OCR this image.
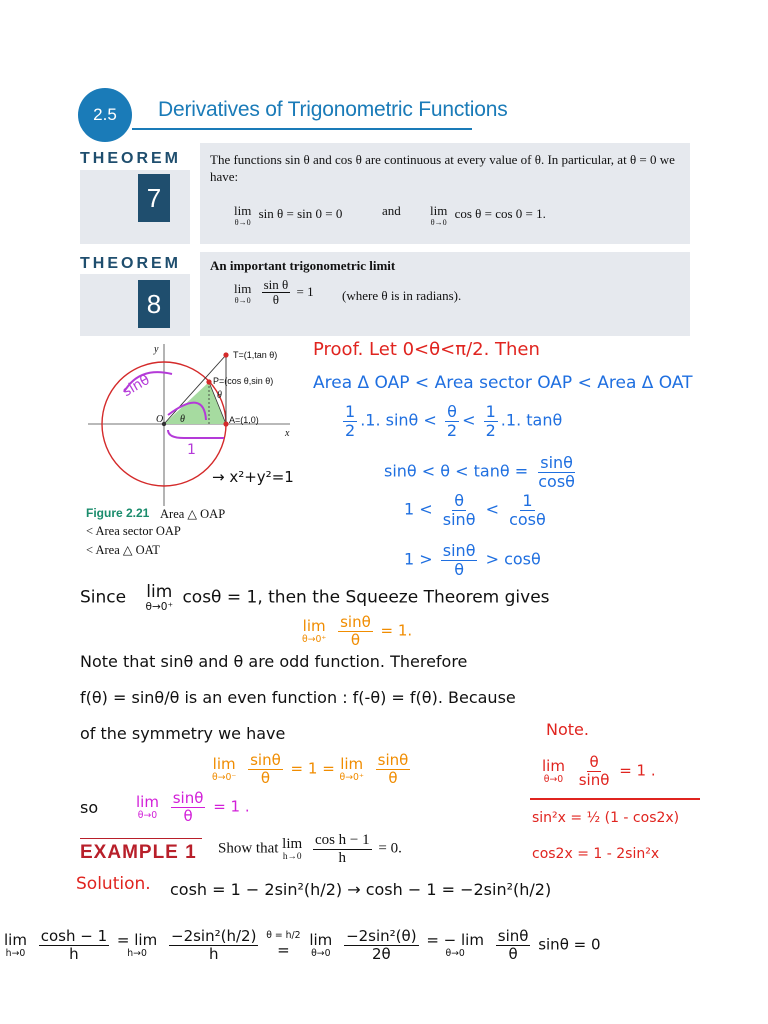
2.5 Derivatives of Trigonometric Functions
THEOREM
7
The functions sin θ and cos θ are continuous at every value of θ. In particular, at θ = 0 we have:
lim
θ→0
sin θ = sin 0 = 0	and lim
θ→0
cos θ = cos 0 = 1.
THEOREM
8
An important trigonometric limit
lim
θ→0
$\frac{\text{sin θ}}{\theta} = 1$ (where θ is in radians).
T=(1,tan θ)
P=(cos θ,sin θ)
A=(1,0)
O
y
x
θ
θ
sinθ
1
→ x²+y²=1
Figure 2.21 Area △ OAP
< Area sector OAP
< Area △ OAT
Proof. Let 0<θ<π/2. Then
Area Δ OAP < Area sector OAP < Area Δ OAT
$\frac{1}{2} .1$. $\sin\theta < \frac{\theta}{2} < \frac{1}{2} .1$. tanθ
$\sin\theta < \theta < \tan\theta = \frac{\sin\theta}{\cos\theta}$
$1 < \frac{\theta}{\sin\theta} < \frac{1}{\cos\theta}$
$1 > \frac{\sin\theta}{\theta} > \cos\theta$
Since lim
θ→0⁺ cosθ = 1, then the Squeeze Theorem gives
lim
θ→0⁺
$\frac{\sin\theta}{\theta} = 1$.
Note that sinθ and θ are odd function. Therefore
f(θ) = sinθ/θ is an even function : f(-θ) = f(θ). Because
of the symmetry we have
lim
θ→0⁻
$\frac{\sin\theta}{\theta} = 1 = \lim$
θ→0⁺
$\frac{\sin\theta}{\theta}$
so	lim
θ→0
$\frac{\sin\theta}{\theta} = 1$ .
Note.
lim
θ→0
$\frac{\theta}{\sin\theta} = 1$ .
sin²x = ½ (1 - cos2x)
cos2x = 1 - 2sin²x
EXAMPLE 1 Show that lim
h→0
$\frac{\text{cos h − 1}}{h} = 0$.
Solution. cosh = 1 − 2sin²(h/2) → cosh − 1 = −2sin²(h/2)
lim
h→0
$\frac{\cosh - 1}{h}$
= lim
h→0
$\frac{\text{−2sin²(h/2)}}{h}$
θ = h/2
=

lim
θ→0
$\frac{\text{−2sin²(θ)}}{2\theta}$
= − lim
θ→0
$\frac{\sin\theta}{\theta}$ sinθ = 0
